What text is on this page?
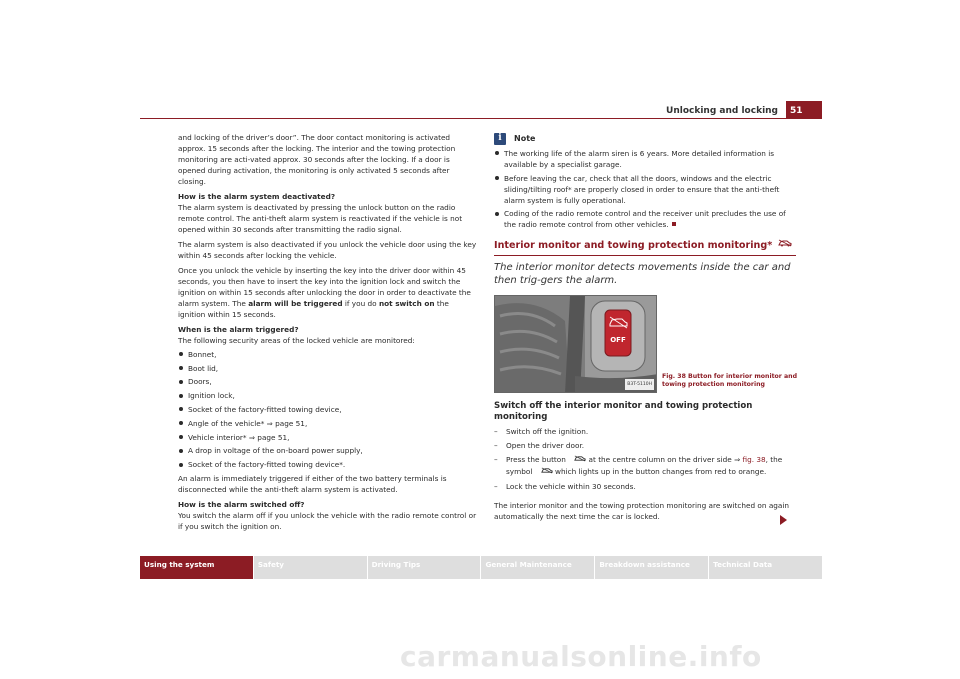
Unlocking and locking	51

and locking of the driver’s door”. The door contact monitoring is activated approx. 15 seconds after the locking. The interior and the towing protection monitoring are acti-vated approx. 30 seconds after the locking. If a door is opened during activation, the monitoring is only activated 5 seconds after closing.

How is the alarm system deactivated?

The alarm system is deactivated by pressing the unlock button on the radio remote control. The anti-theft alarm system is reactivated if the vehicle is not opened within 30 seconds after transmitting the radio signal.

The alarm system is also deactivated if you unlock the vehicle door using the key within 45 seconds after locking the vehicle.

Once you unlock the vehicle by inserting the key into the driver door within 45 seconds, you then have to insert the key into the ignition lock and switch the ignition on within 15 seconds after unlocking the door in order to deactivate the alarm system. The alarm will be triggered if you do not switch on the ignition within 15 seconds.

When is the alarm triggered?

The following security areas of the locked vehicle are monitored:

Bonnet,

Boot lid,

Doors,

Ignition lock,

Socket of the factory-fitted towing device,

Angle of the vehicle* ⇒ page 51,

Vehicle interior* ⇒ page 51,

A drop in voltage of the on-board power supply,

Socket of the factory-fitted towing device*.

An alarm is immediately triggered if either of the two battery terminals is disconnected while the anti-theft alarm system is activated.

How is the alarm switched off?

You switch the alarm off if you unlock the vehicle with the radio remote control or if you switch the ignition on.

i	Note

The working life of the alarm siren is 6 years. More detailed information is available by a specialist garage.

Before leaving the car, check that all the doors, windows and the electric sliding/tilting roof* are properly closed in order to ensure that the anti-theft alarm system is fully operational.

Coding of the radio remote control and the receiver unit precludes the use of the radio remote control from other vehicles.

Interior monitor and towing protection monitoring*

The interior monitor detects movements inside the car and then trig-gers the alarm.

OFF
B3T-5110H
Fig. 38 Button for interior monitor and towing protection monitoring

Switch off the interior monitor and towing protection monitoring

–	Switch off the ignition.

–	Open the driver door.

–	Press the button	at the centre column on the driver side ⇒ fig. 38, the symbol	which lights up in the button changes from red to orange.

–	Lock the vehicle within 30 seconds.

The interior monitor and the towing protection monitoring are switched on again automatically the next time the car is locked.

Using the system	Safety	Driving Tips	General Maintenance	Breakdown assistance	Technical Data
carmanualsonline.info
